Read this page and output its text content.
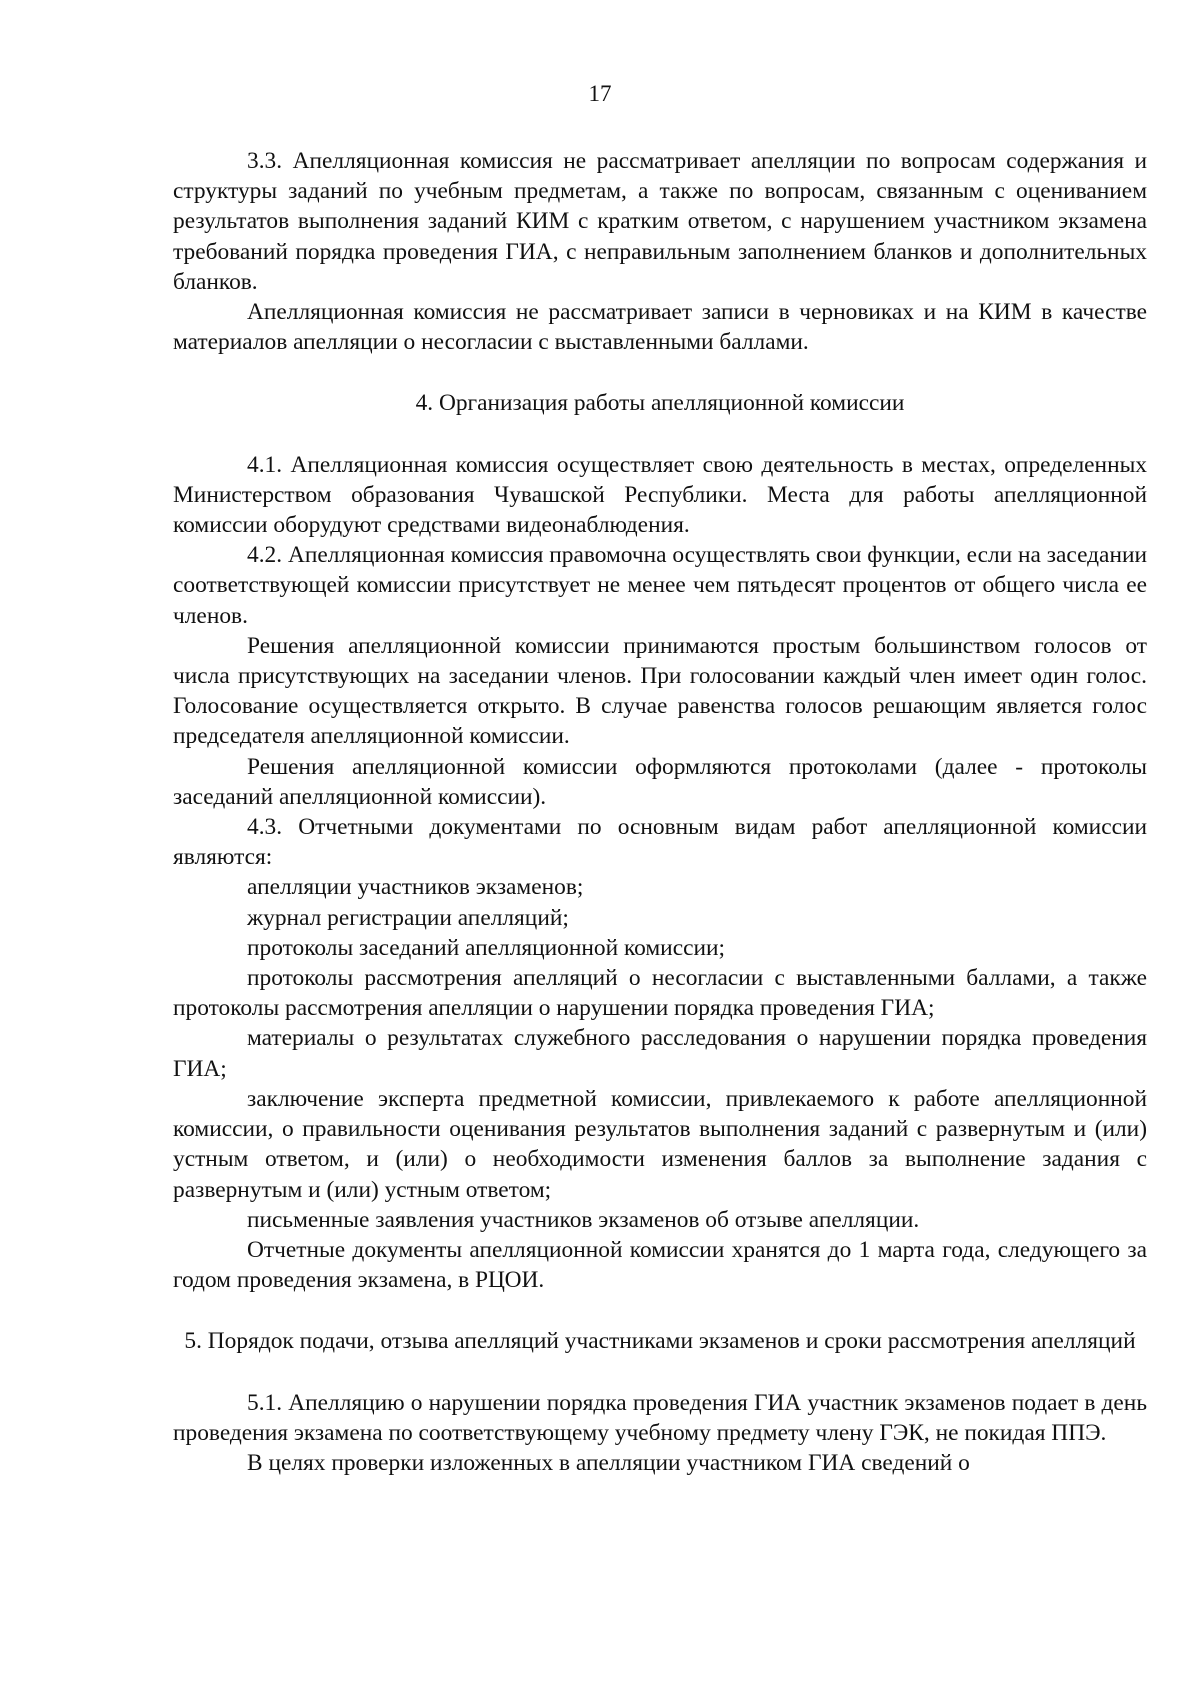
17

3.3. Апелляционная комиссия не рассматривает апелляции по вопросам содержания и структуры заданий по учебным предметам, а также по вопросам, связанным с оцениванием результатов выполнения заданий КИМ с кратким ответом, с нарушением участником экзамена требований порядка проведения ГИА, с неправильным заполнением бланков и дополнительных бланков.

Апелляционная комиссия не рассматривает записи в черновиках и на КИМ в качестве материалов апелляции о несогласии с выставленными баллами.

4. Организация работы апелляционной комиссии

4.1. Апелляционная комиссия осуществляет свою деятельность в местах, определенных Министерством образования Чувашской Республики. Места для работы апелляционной комиссии оборудуют средствами видеонаблюдения.

4.2. Апелляционная комиссия правомочна осуществлять свои функции, если на заседании соответствующей комиссии присутствует не менее чем пятьдесят процентов от общего числа ее членов.

Решения апелляционной комиссии принимаются простым большинством голосов от числа присутствующих на заседании членов. При голосовании каждый член имеет один голос. Голосование осуществляется открыто. В случае равенства голосов решающим является голос председателя апелляционной комиссии.

Решения апелляционной комиссии оформляются протоколами (далее - протоколы заседаний апелляционной комиссии).

4.3. Отчетными документами по основным видам работ апелляционной комиссии являются:

апелляции участников экзаменов;

журнал регистрации апелляций;

протоколы заседаний апелляционной комиссии;

протоколы рассмотрения апелляций о несогласии с выставленными баллами, а также протоколы рассмотрения апелляции о нарушении порядка проведения ГИА;

материалы о результатах служебного расследования о нарушении порядка проведения ГИА;

заключение эксперта предметной комиссии, привлекаемого к работе апелляционной комиссии, о правильности оценивания результатов выполнения заданий с развернутым и (или) устным ответом, и (или) о необходимости изменения баллов за выполнение задания с развернутым и (или) устным ответом;

письменные заявления участников экзаменов об отзыве апелляции.

Отчетные документы апелляционной комиссии хранятся до 1 марта года, следующего за годом проведения экзамена, в РЦОИ.

5. Порядок подачи, отзыва апелляций участниками экзаменов и сроки рассмотрения апелляций

5.1. Апелляцию о нарушении порядка проведения ГИА участник экзаменов подает в день проведения экзамена по соответствующему учебному предмету члену ГЭК, не покидая ППЭ.

В целях проверки изложенных в апелляции участником ГИА сведений о
